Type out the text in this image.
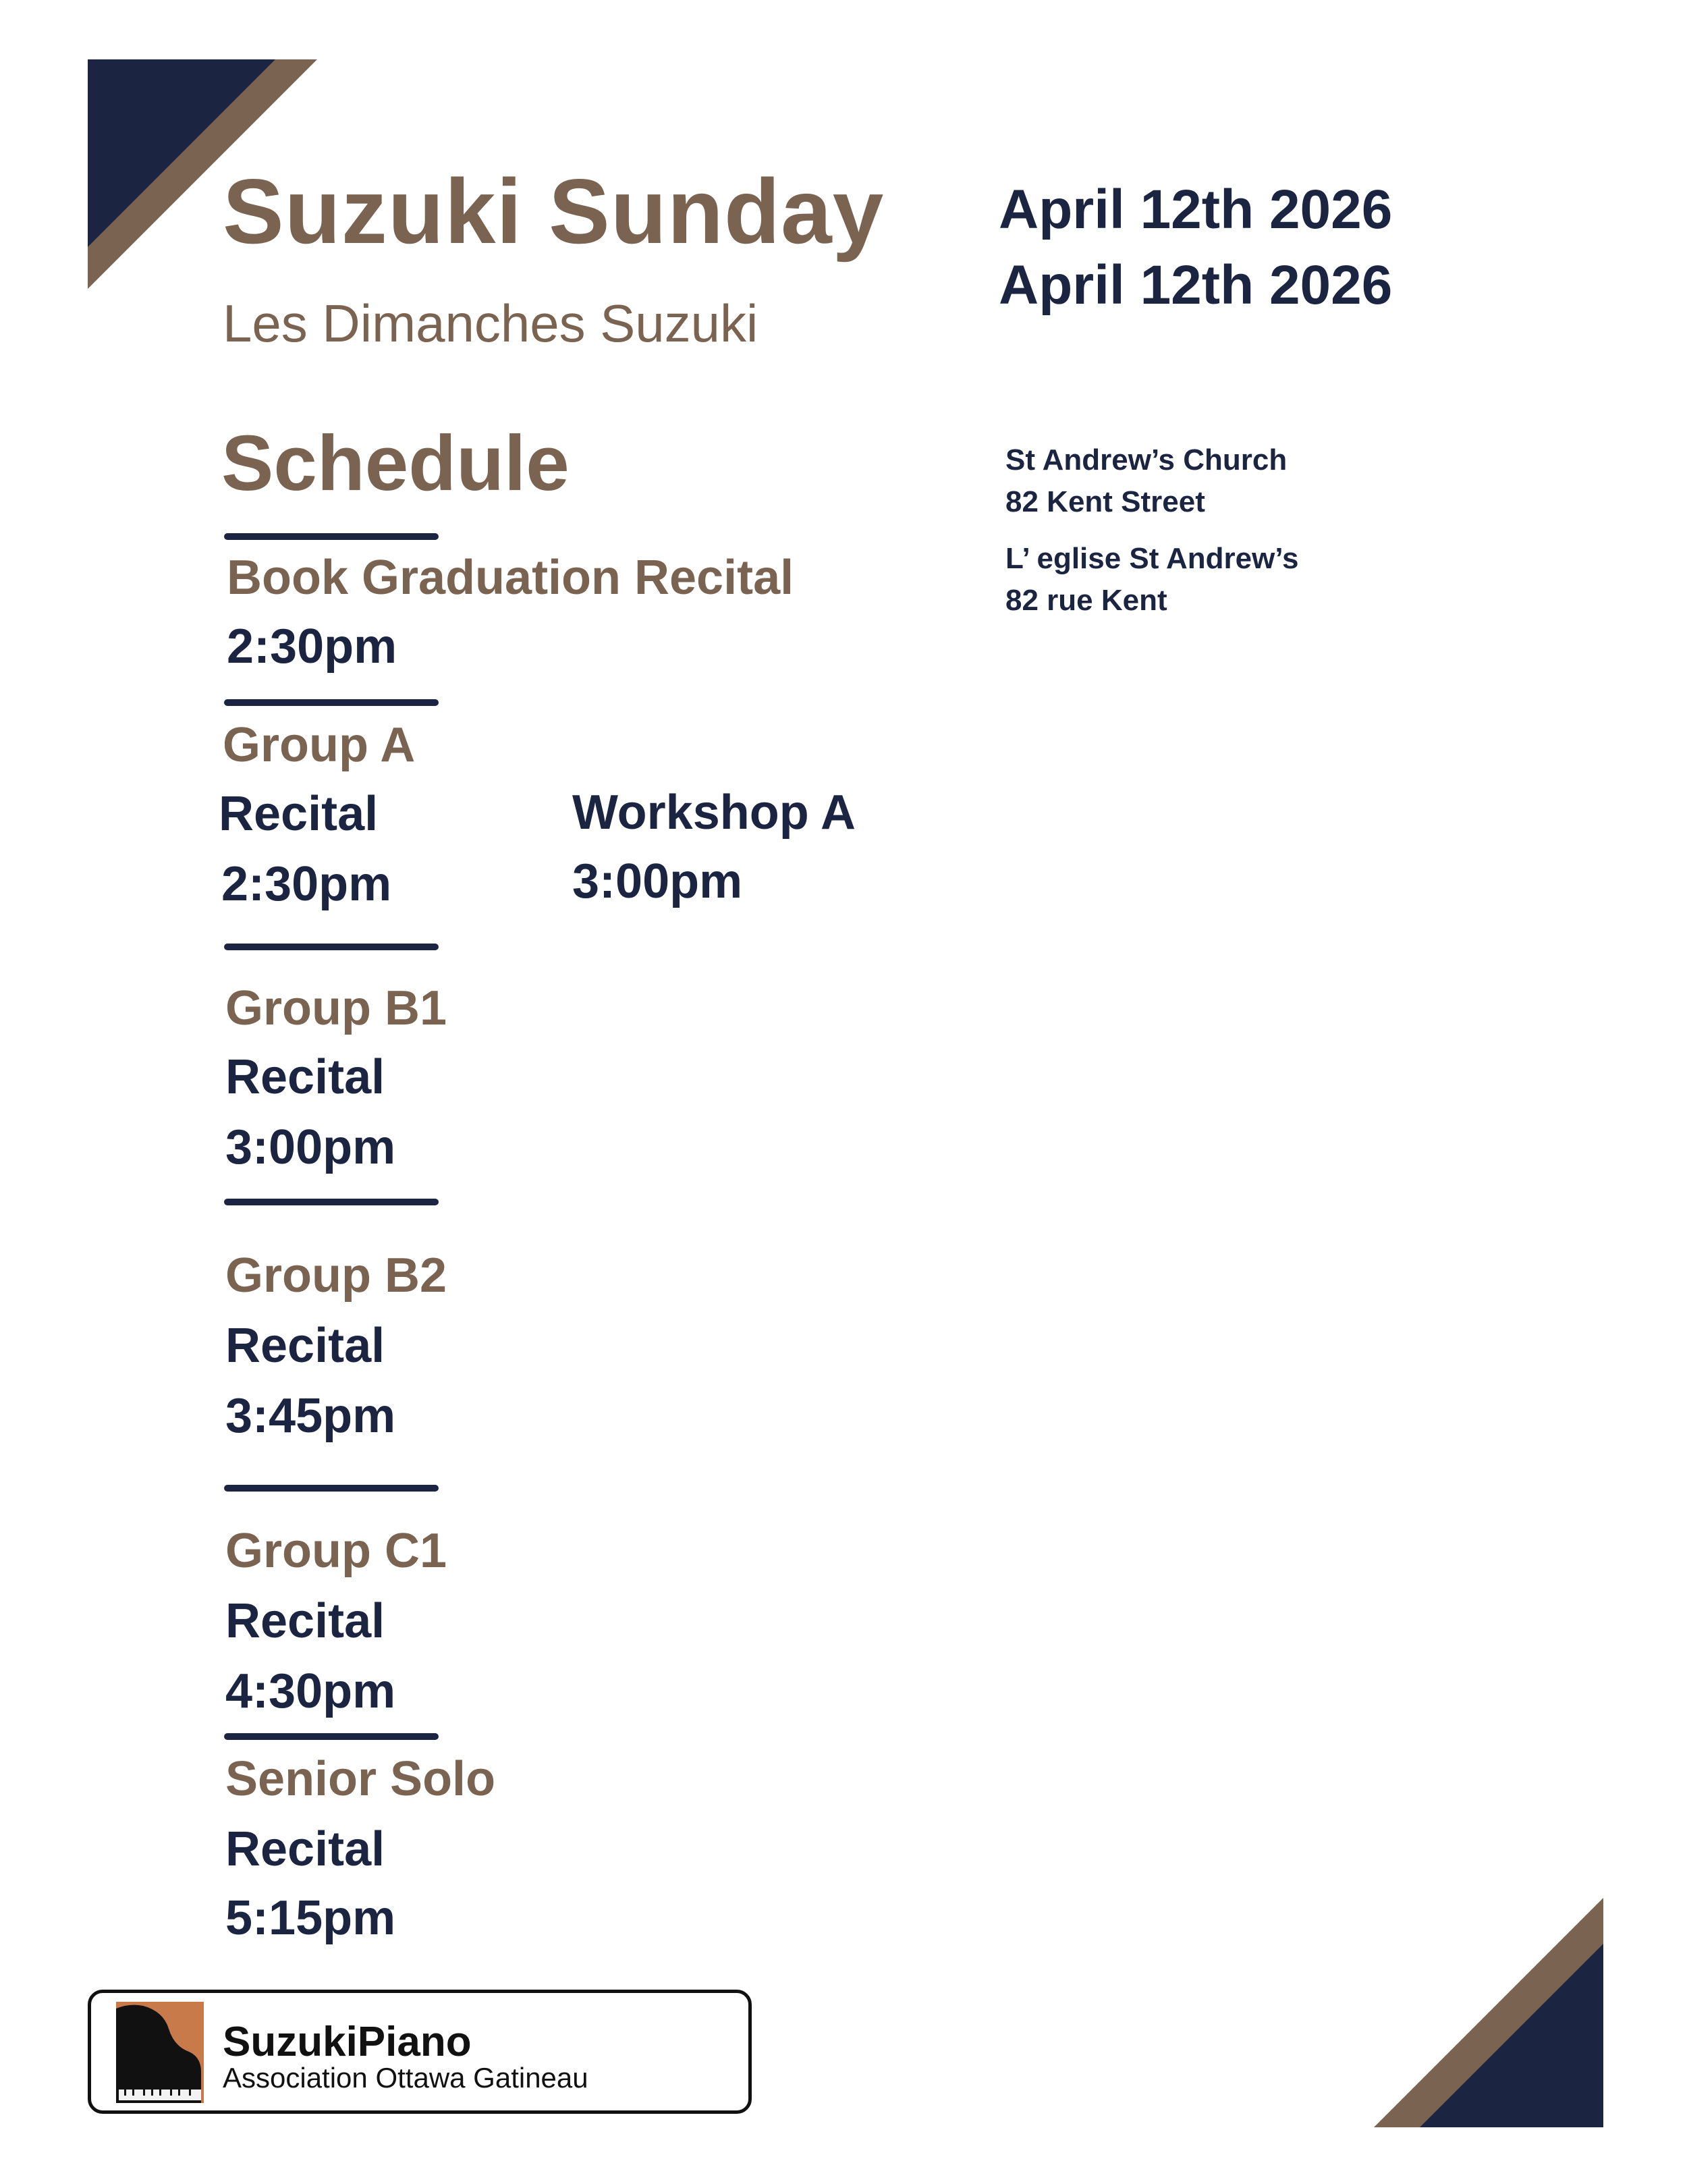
Suzuki Sunday
Les Dimanches Suzuki
April 12th 2026
April 12th 2026
St Andrew’s Church
82 Kent Street
L’ eglise St Andrew’s
82 rue Kent
Schedule
Book Graduation Recital
2:30pm
Group A
Recital
2:30pm
Workshop A
3:00pm
Group B1
Recital
3:00pm
Group B2
Recital
3:45pm
Group C1
Recital
4:30pm
Senior Solo
Recital
5:15pm
SuzukiPiano
Association Ottawa Gatineau
